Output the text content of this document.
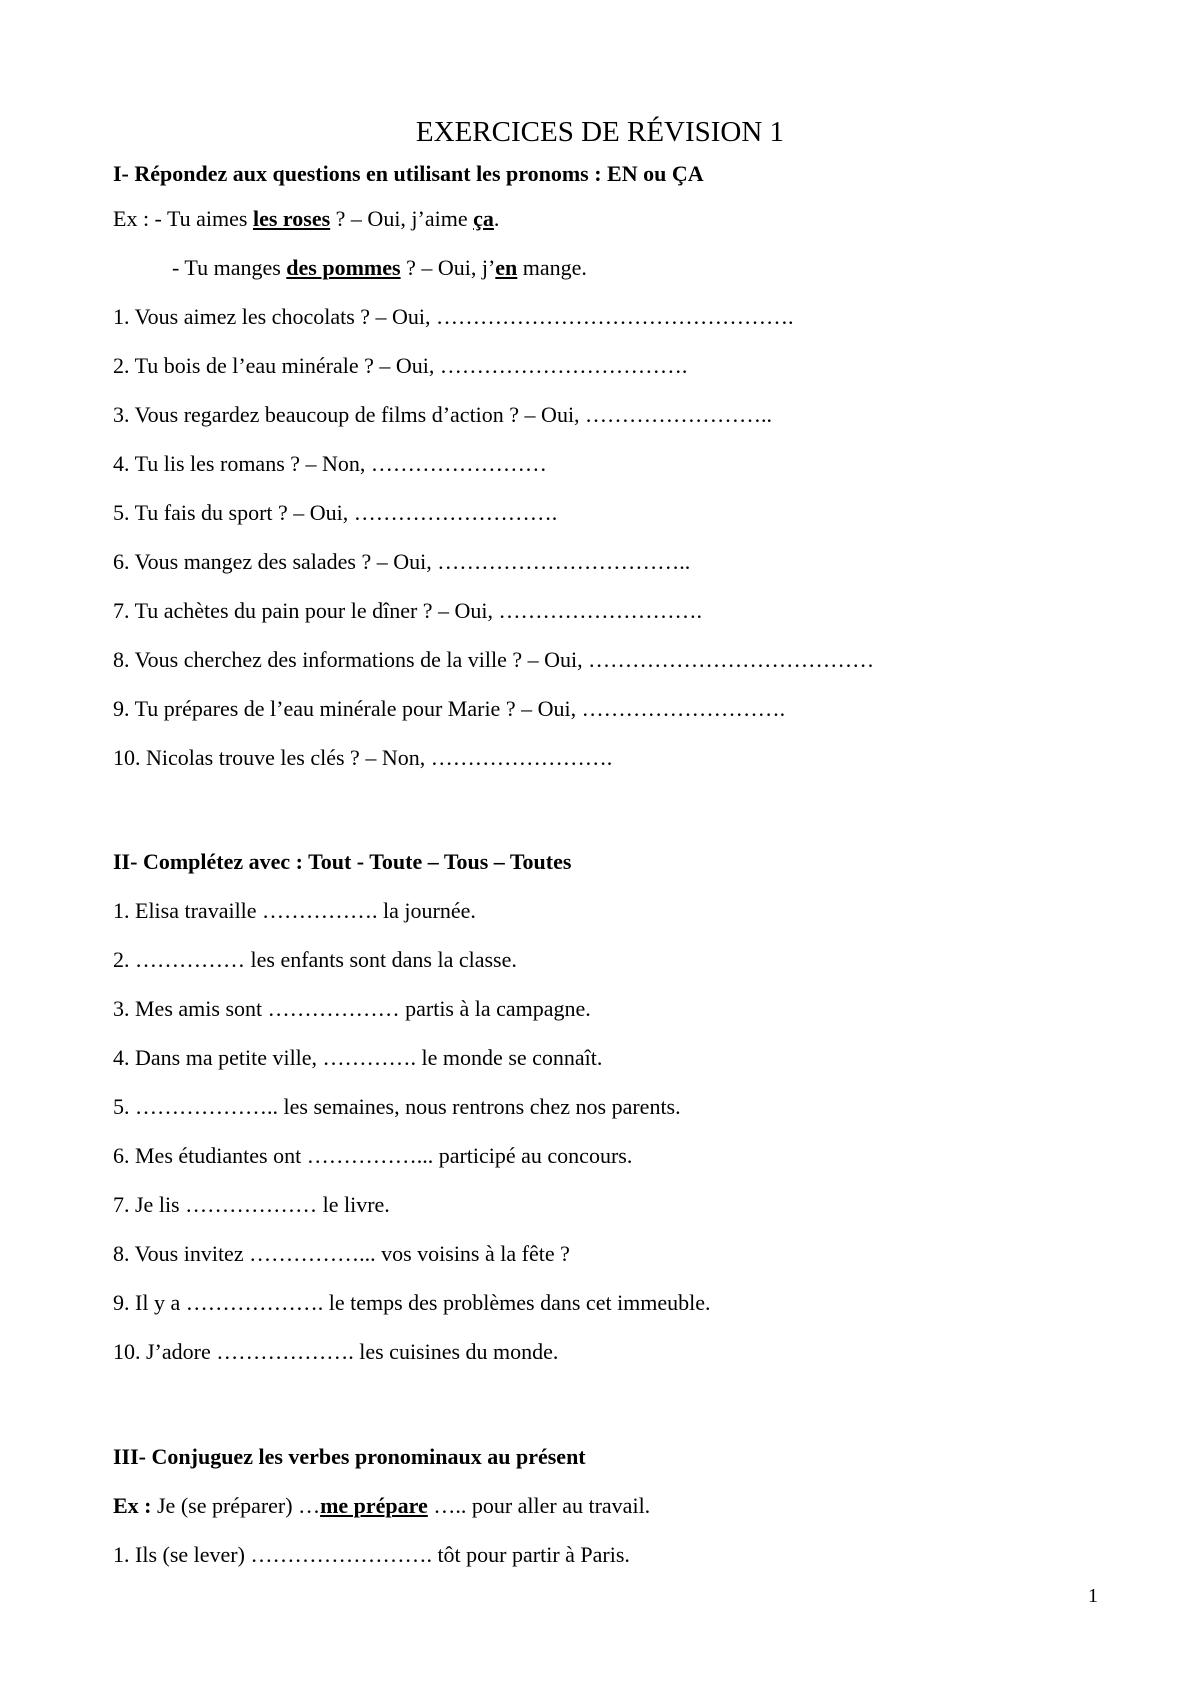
EXERCICES DE RÉVISION 1
I- Répondez aux questions en utilisant les pronoms : EN ou ÇA
Ex : - Tu aimes les roses ? – Oui, j’aime ça.
- Tu manges des pommes ? – Oui, j’en mange.
1. Vous aimez les chocolats ? – Oui, ………………………………………….
2. Tu bois de l’eau minérale ? – Oui, …………………………….
3. Vous regardez beaucoup de films d’action ? – Oui, ……………………..
4. Tu lis les romans ? – Non, ……………………
5. Tu fais du sport ? – Oui, ……………………….
6. Vous mangez des salades ? – Oui, ……………………………..
7. Tu achètes du pain pour le dîner ? – Oui, ……………………….
8. Vous cherchez des informations de la ville ? – Oui, …………………………………
9. Tu prépares de l’eau minérale pour Marie ? – Oui, ……………………….
10. Nicolas trouve les clés ? – Non, …………………….
II- Complétez avec : Tout - Toute – Tous – Toutes
1. Elisa travaille ……………. la journée.
2. …………… les enfants sont dans la classe.
3. Mes amis sont ……………… partis à la campagne.
4. Dans ma petite ville, …………. le monde se connaît.
5. ……………….. les semaines, nous rentrons chez nos parents.
6. Mes étudiantes ont ……………... participé au concours.
7. Je lis ……………… le livre.
8. Vous invitez ……………... vos voisins à la fête ?
9. Il y a ………………. le temps des problèmes dans cet immeuble.
10. J’adore ………………. les cuisines du monde.
III- Conjuguez les verbes pronominaux au présent
Ex : Je (se préparer) …me prépare ….. pour aller au travail.
1. Ils (se lever) ……………………. tôt pour partir à Paris.
1
